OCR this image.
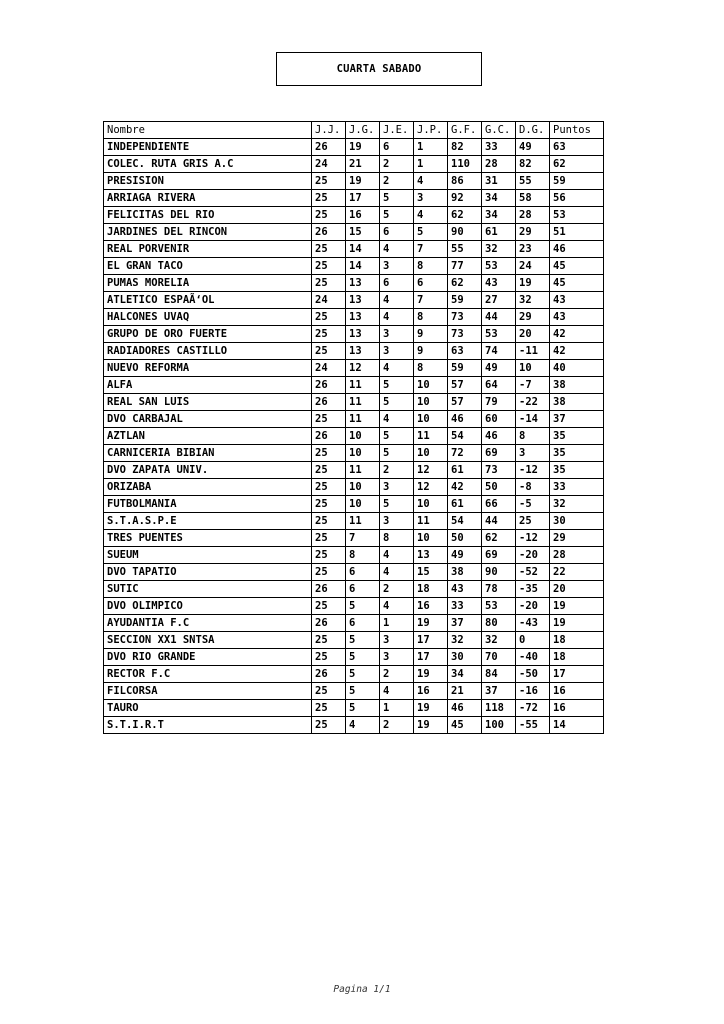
CUARTA SABADO
Nombre	J.J.	J.G.	J.E.	J.P.	G.F.	G.C.	D.G.	Puntos
INDEPENDIENTE	26	19	6	1	82	33	49	63
COLEC. RUTA GRIS A.C	24	21	2	1	110	28	82	62
PRESISION	25	19	2	4	86	31	55	59
ARRIAGA RIVERA	25	17	5	3	92	34	58	56
FELICITAS DEL RIO	25	16	5	4	62	34	28	53
JARDINES DEL RINCON	26	15	6	5	90	61	29	51
REAL PORVENIR	25	14	4	7	55	32	23	46
EL GRAN TACO	25	14	3	8	77	53	24	45
PUMAS MORELIA	25	13	6	6	62	43	19	45
ATLETICO ESPAÃ‘OL	24	13	4	7	59	27	32	43
HALCONES UVAQ	25	13	4	8	73	44	29	43
GRUPO DE ORO FUERTE	25	13	3	9	73	53	20	42
RADIADORES CASTILLO	25	13	3	9	63	74	-11	42
NUEVO REFORMA	24	12	4	8	59	49	10	40
ALFA	26	11	5	10	57	64	-7	38
REAL SAN LUIS	26	11	5	10	57	79	-22	38
DVO CARBAJAL	25	11	4	10	46	60	-14	37
AZTLAN	26	10	5	11	54	46	8	35
CARNICERIA BIBIAN	25	10	5	10	72	69	3	35
DVO ZAPATA UNIV.	25	11	2	12	61	73	-12	35
ORIZABA	25	10	3	12	42	50	-8	33
FUTBOLMANIA	25	10	5	10	61	66	-5	32
S.T.A.S.P.E	25	11	3	11	54	44	25	30
TRES PUENTES	25	7	8	10	50	62	-12	29
SUEUM	25	8	4	13	49	69	-20	28
DVO TAPATIO	25	6	4	15	38	90	-52	22
SUTIC	26	6	2	18	43	78	-35	20
DVO OLIMPICO	25	5	4	16	33	53	-20	19
AYUDANTIA F.C	26	6	1	19	37	80	-43	19
SECCION XX1 SNTSA	25	5	3	17	32	32	0	18
DVO RIO GRANDE	25	5	3	17	30	70	-40	18
RECTOR F.C	26	5	2	19	34	84	-50	17
FILCORSA	25	5	4	16	21	37	-16	16
TAURO	25	5	1	19	46	118	-72	16
S.T.I.R.T	25	4	2	19	45	100	-55	14
Pagina 1/1
